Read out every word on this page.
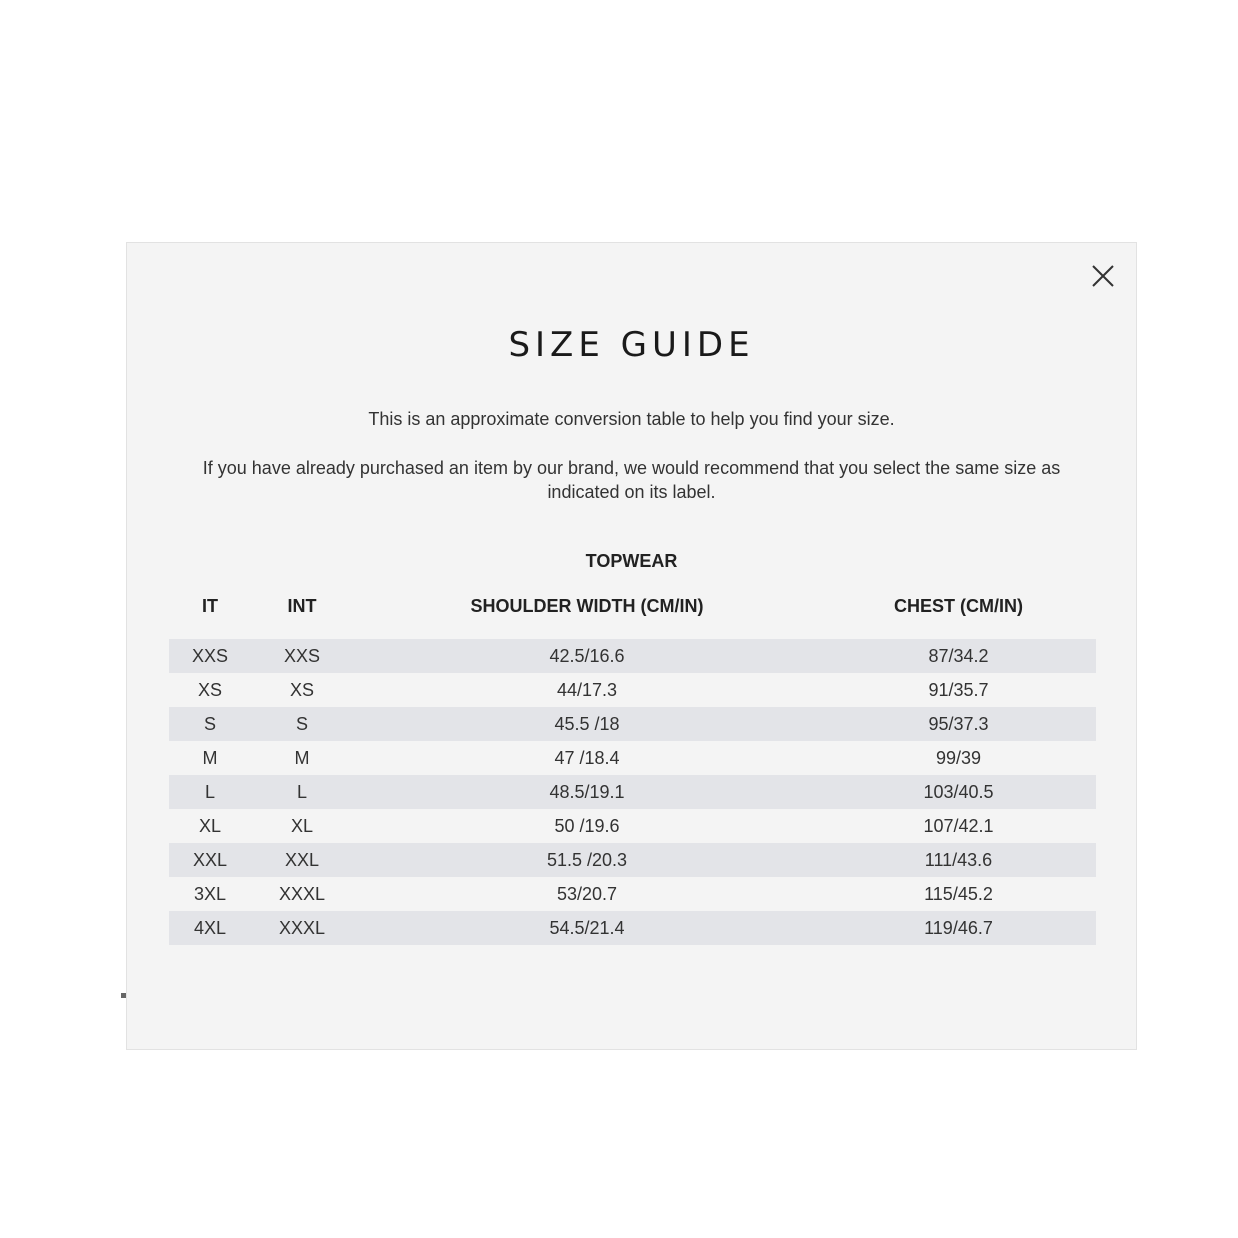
SIZE GUIDE

This is an approximate conversion table to help you find your size.

If you have already purchased an item by our brand, we would recommend that you select the same size as indicated on its label.

TOPWEAR
IT	INT	SHOULDER WIDTH (CM/IN)	CHEST (CM/IN)
XXS	XXS	42.5/16.6	87/34.2
XS	XS	44/17.3	91/35.7
S	S	45.5 /18	95/37.3
M	M	47 /18.4	99/39
L	L	48.5/19.1	103/40.5
XL	XL	50 /19.6	107/42.1
XXL	XXL	51.5 /20.3	111/43.6
3XL	XXXL	53/20.7	115/45.2
4XL	XXXL	54.5/21.4	119/46.7
